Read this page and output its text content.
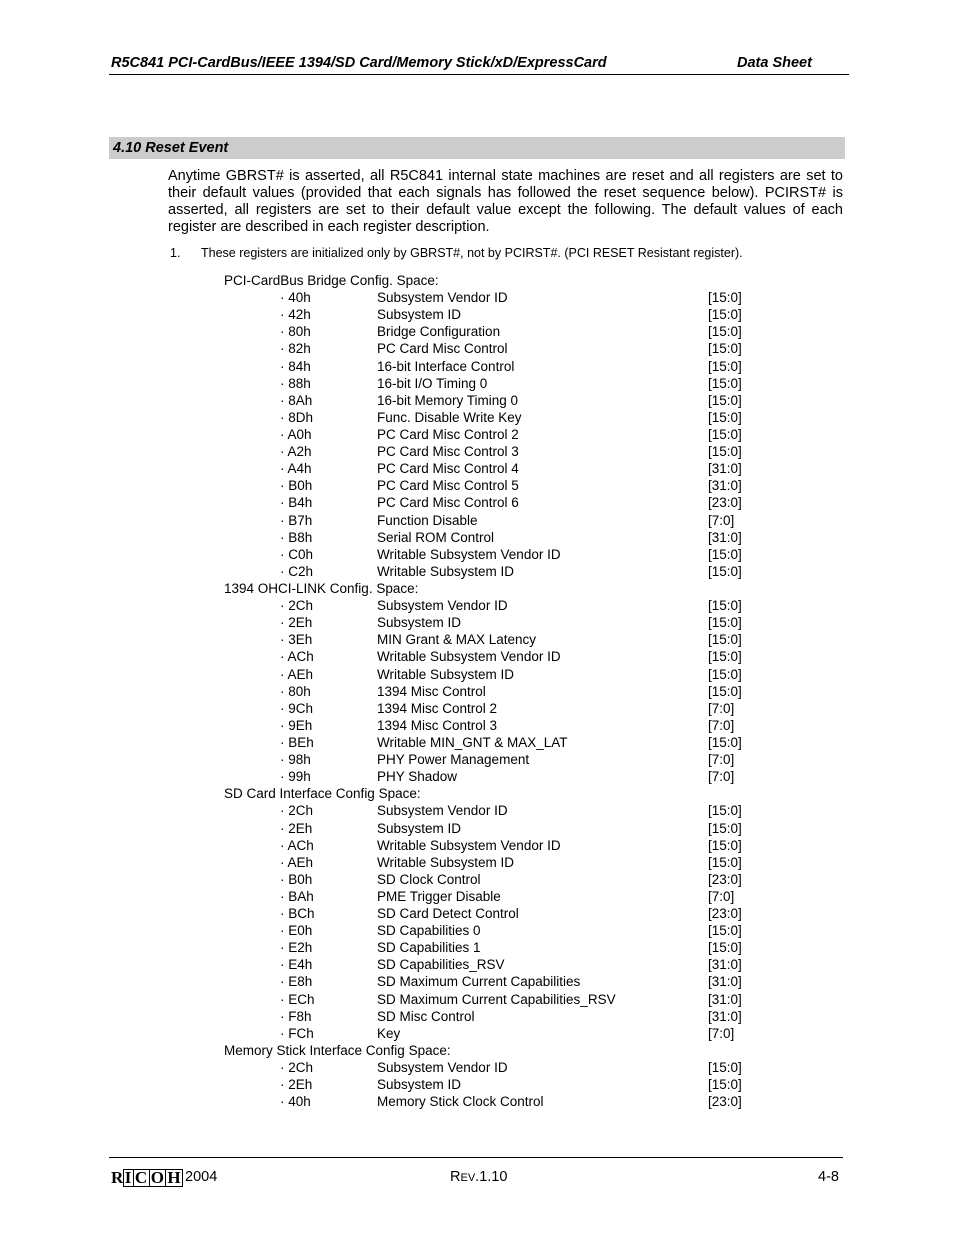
R5C841 PCI-CardBus/IEEE 1394/SD Card/Memory Stick/xD/ExpressCard	Data Sheet
4.10 Reset Event

Anytime GBRST# is asserted, all R5C841 internal state machines are reset and all registers are set to their default values (provided that each signals has followed the reset sequence below). PCIRST# is asserted, all registers are set to their default value except the following. The default values of each register are described in each register description.

1. These registers are initialized only by GBRST#, not by PCIRST#. (PCI RESET Resistant register).
PCI-CardBus Bridge Config. Space:
· 40h	Subsystem Vendor ID	[15:0]
· 42h	Subsystem ID	[15:0]
· 80h	Bridge Configuration	[15:0]
· 82h	PC Card Misc Control	[15:0]
· 84h	16-bit Interface Control	[15:0]
· 88h	16-bit I/O Timing 0	[15:0]
· 8Ah	16-bit Memory Timing 0	[15:0]
· 8Dh	Func. Disable Write Key	[15:0]
· A0h	PC Card Misc Control 2	[15:0]
· A2h	PC Card Misc Control 3	[15:0]
· A4h	PC Card Misc Control 4	[31:0]
· B0h	PC Card Misc Control 5	[31:0]
· B4h	PC Card Misc Control 6	[23:0]
· B7h	Function Disable	[7:0]
· B8h	Serial ROM Control	[31:0]
· C0h	Writable Subsystem Vendor ID	[15:0]
· C2h	Writable Subsystem ID	[15:0]
1394 OHCI-LINK Config. Space:
· 2Ch	Subsystem Vendor ID	[15:0]
· 2Eh	Subsystem ID	[15:0]
· 3Eh	MIN Grant & MAX Latency	[15:0]
· ACh	Writable Subsystem Vendor ID	[15:0]
· AEh	Writable Subsystem ID	[15:0]
· 80h	1394 Misc Control	[15:0]
· 9Ch	1394 Misc Control 2	[7:0]
· 9Eh	1394 Misc Control 3	[7:0]
· BEh	Writable MIN_GNT & MAX_LAT	[15:0]
· 98h	PHY Power Management	[7:0]
· 99h	PHY Shadow	[7:0]
SD Card Interface Config Space:
· 2Ch	Subsystem Vendor ID	[15:0]
· 2Eh	Subsystem ID	[15:0]
· ACh	Writable Subsystem Vendor ID	[15:0]
· AEh	Writable Subsystem ID	[15:0]
· B0h	SD Clock Control	[23:0]
· BAh	PME Trigger Disable	[7:0]
· BCh	SD Card Detect Control	[23:0]
· E0h	SD Capabilities 0	[15:0]
· E2h	SD Capabilities 1	[15:0]
· E4h	SD Capabilities_RSV	[31:0]
· E8h	SD Maximum Current Capabilities	[31:0]
· ECh	SD Maximum Current Capabilities_RSV	[31:0]
· F8h	SD Misc Control	[31:0]
· FCh	Key	[7:0]
Memory Stick Interface Config Space:
· 2Ch	Subsystem Vendor ID	[15:0]
· 2Eh	Subsystem ID	[15:0]
· 40h	Memory Stick Clock Control	[23:0]
RI C O H 2004	REV.1.10	4-8
